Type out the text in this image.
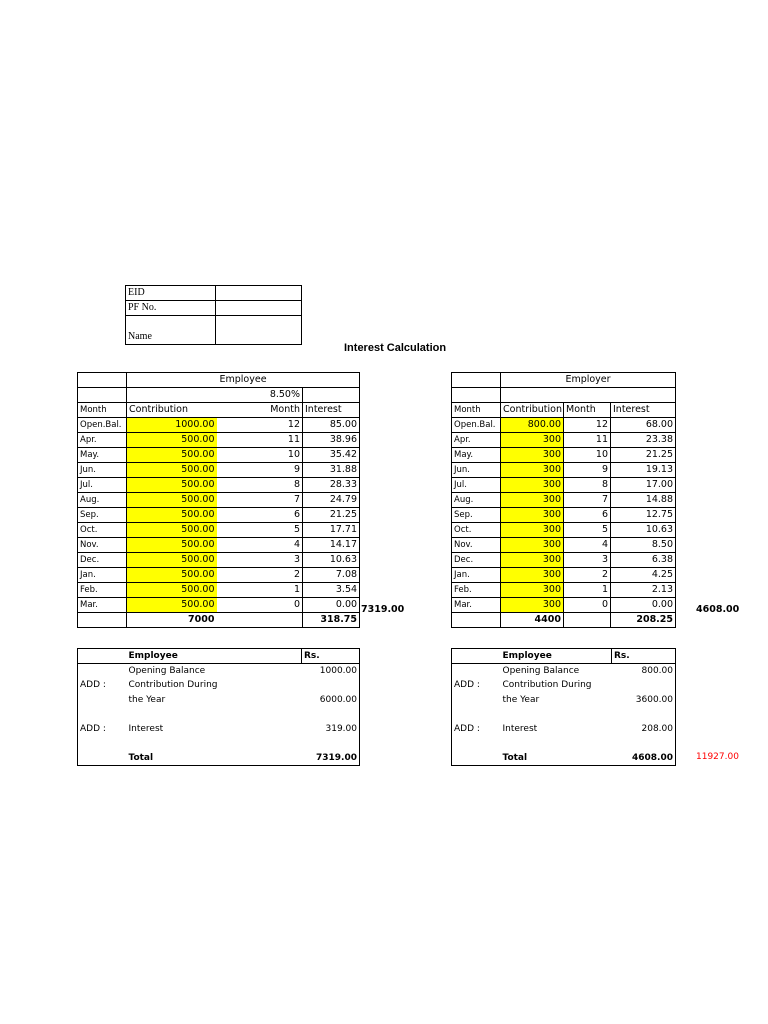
EID	
PF No.	
Name	
Interest Calculation
	Employee		
		8.50%	
Month	Contribution	Month	Interest
Open.Bal.	1000.00	12	85.00
Apr.	500.00	11	38.96
May.	500.00	10	35.42
Jun.	500.00	9	31.88
Jul.	500.00	8	28.33
Aug.	500.00	7	24.79
Sep.	500.00	6	21.25
Oct.	500.00	5	17.71
Nov.	500.00	4	14.17
Dec.	500.00	3	10.63
Jan.	500.00	2	7.08
Feb.	500.00	1	3.54
Mar.	500.00	0	0.00
	7000		318.75
7319.00
	Employer		

Month	Contribution	Month	Interest
Open.Bal.	800.00	12	68.00
Apr.	300	11	23.38
May.	300	10	21.25
Jun.	300	9	19.13
Jul.	300	8	17.00
Aug.	300	7	14.88
Sep.	300	6	12.75
Oct.	300	5	10.63
Nov.	300	4	8.50
Dec.	300	3	6.38
Jan.	300	2	4.25
Feb.	300	1	2.13
Mar.	300	0	0.00
	4400		208.25
4608.00
	Employee	Rs.
	Opening Balance	1000.00
ADD :	Contribution During	
	the Year	6000.00

ADD :	Interest	319.00

	Total	7319.00
	Employee	Rs.
	Opening Balance	800.00
ADD :	Contribution During	
	the Year	3600.00

ADD :	Interest	208.00

	Total	4608.00	11927.00
